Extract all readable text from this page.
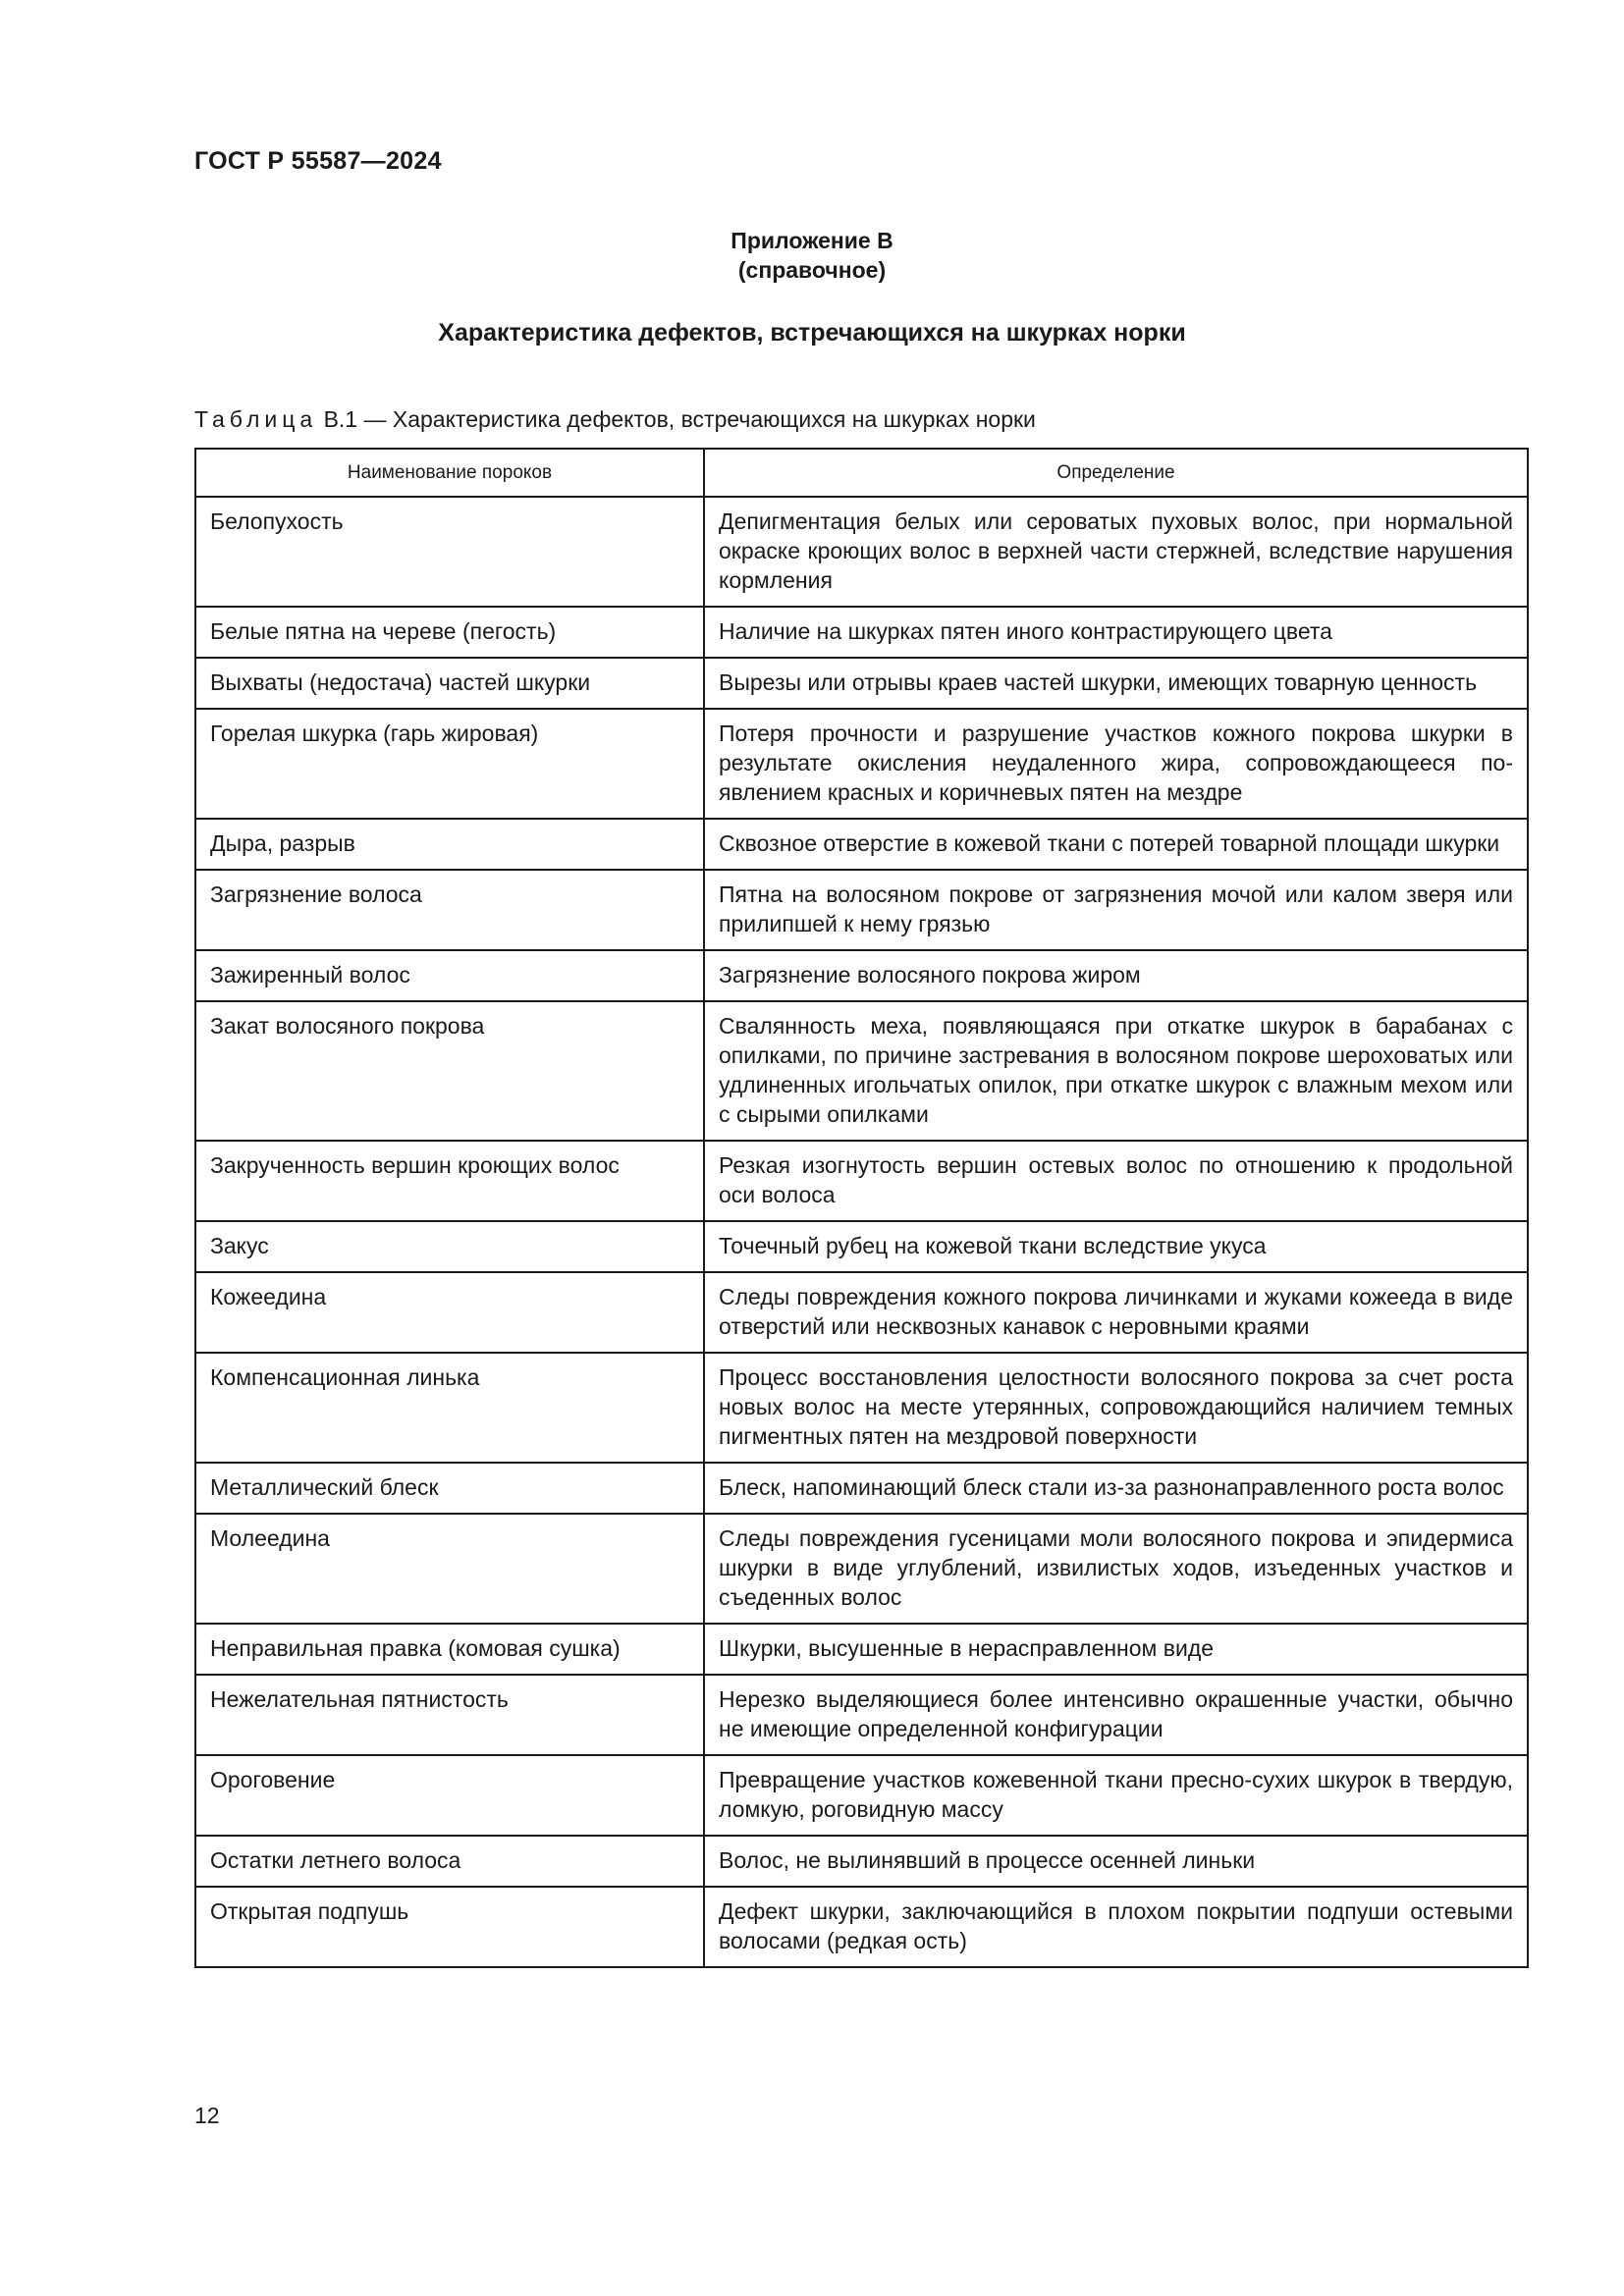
ГОСТ Р 55587—2024
Приложение В
(справочное)
Характеристика дефектов, встречающихся на шкурках норки
Таблица В.1 — Характеристика дефектов, встречающихся на шкурках норки
Наименование пороков	Определение
Белопухость	Депигментация белых или сероватых пуховых волос, при нормальной окраске кроющих волос в верхней части стержней, вследствие нарушения кормления
Белые пятна на череве (пегость)	Наличие на шкурках пятен иного контрастирующего цвета
Выхваты (недостача) частей шкурки	Вырезы или отрывы краев частей шкурки, имеющих товарную ценность
Горелая шкурка (гарь жировая)	Потеря прочности и разрушение участков кожного покрова шкурки в результате окисления неудаленного жира, сопровождающееся появлением красных и коричневых пятен на мездре
Дыра, разрыв	Сквозное отверстие в кожевой ткани с потерей товарной площади шкурки
Загрязнение волоса	Пятна на волосяном покрове от загрязнения мочой или калом зверя или прилипшей к нему грязью
Зажиренный волос	Загрязнение волосяного покрова жиром
Закат волосяного покрова	Свалянность меха, появляющаяся при откатке шкурок в барабанах с опилками, по причине застревания в волосяном покрове шероховатых или удлиненных игольчатых опилок, при откатке шкурок с влажным мехом или с сырыми опилками
Закрученность вершин кроющих волос	Резкая изогнутость вершин остевых волос по отношению к продольной оси волоса
Закус	Точечный рубец на кожевой ткани вследствие укуса
Кожеедина	Следы повреждения кожного покрова личинками и жуками кожееда в виде отверстий или несквозных канавок с неровными краями
Компенсационная линька	Процесс восстановления целостности волосяного покрова за счет роста новых волос на месте утерянных, сопровождающийся наличием темных пигментных пятен на мездровой поверхности
Металлический блеск	Блеск, напоминающий блеск стали из-за разнонаправленного роста волос
Молеедина	Следы повреждения гусеницами моли волосяного покрова и эпидермиса шкурки в виде углублений, извилистых ходов, изъеденных участков и съеденных волос
Неправильная правка (комовая сушка)	Шкурки, высушенные в нерасправленном виде
Нежелательная пятнистость	Нерезко выделяющиеся более интенсивно окрашенные участки, обычно не имеющие определенной конфигурации
Ороговение	Превращение участков кожевенной ткани пресно-сухих шкурок в твердую, ломкую, роговидную массу
Остатки летнего волоса	Волос, не вылинявший в процессе осенней линьки
Открытая подпушь	Дефект шкурки, заключающийся в плохом покрытии подпуши остевыми волосами (редкая ость)
12
